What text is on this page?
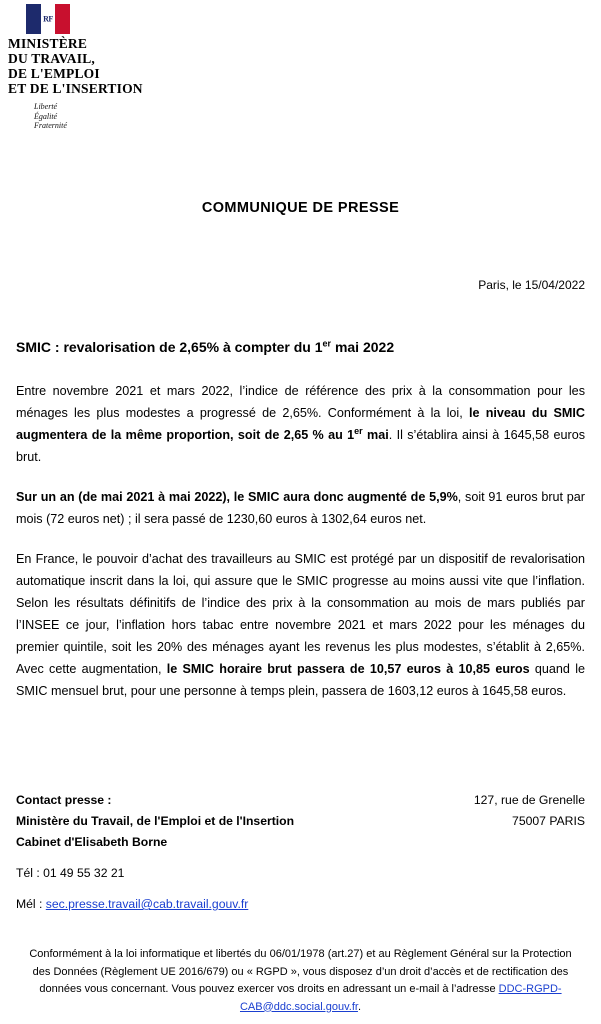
RF
MINISTÈRE
DU TRAVAIL,
DE L'EMPLOI
ET DE L'INSERTION
Liberté
Égalité
Fraternité
COMMUNIQUE DE PRESSE
Paris, le 15/04/2022
SMIC : revalorisation de 2,65% à compter du 1er mai 2022

Entre novembre 2021 et mars 2022, l’indice de référence des prix à la consommation pour les ménages les plus modestes a progressé de 2,65%. Conformément à la loi, le niveau du SMIC augmentera de la même proportion, soit de 2,65 % au 1er mai. Il s’établira ainsi à 1645,58 euros brut.

Sur un an (de mai 2021 à mai 2022), le SMIC aura donc augmenté de 5,9%, soit 91 euros brut par mois (72 euros net) ; il sera passé de 1230,60 euros à 1302,64 euros net.

En France, le pouvoir d’achat des travailleurs au SMIC est protégé par un dispositif de revalorisation automatique inscrit dans la loi, qui assure que le SMIC progresse au moins aussi vite que l’inflation. Selon les résultats définitifs de l’indice des prix à la consommation au mois de mars publiés par l’INSEE ce jour, l’inflation hors tabac entre novembre 2021 et mars 2022 pour les ménages du premier quintile, soit les 20% des ménages ayant les revenus les plus modestes, s’établit à 2,65%. Avec cette augmentation, le SMIC horaire brut passera de 10,57 euros à 10,85 euros quand le SMIC mensuel brut, pour une personne à temps plein, passera de 1603,12 euros à 1645,58 euros.

Contact presse :	127, rue de Grenelle
Ministère du Travail, de l'Emploi et de l'Insertion	75007 PARIS
Cabinet d'Elisabeth Borne
Tél : 01 49 55 32 21
Mél : sec.presse.travail@cab.travail.gouv.fr
Conformément à la loi informatique et libertés du 06/01/1978 (art.27) et au Règlement Général sur la Protection des Données (Règlement UE 2016/679) ou « RGPD », vous disposez d’un droit d’accès et de rectification des données vous concernant. Vous pouvez exercer vos droits en adressant un e-mail à l’adresse DDC-RGPD-CAB@ddc.social.gouv.fr.
